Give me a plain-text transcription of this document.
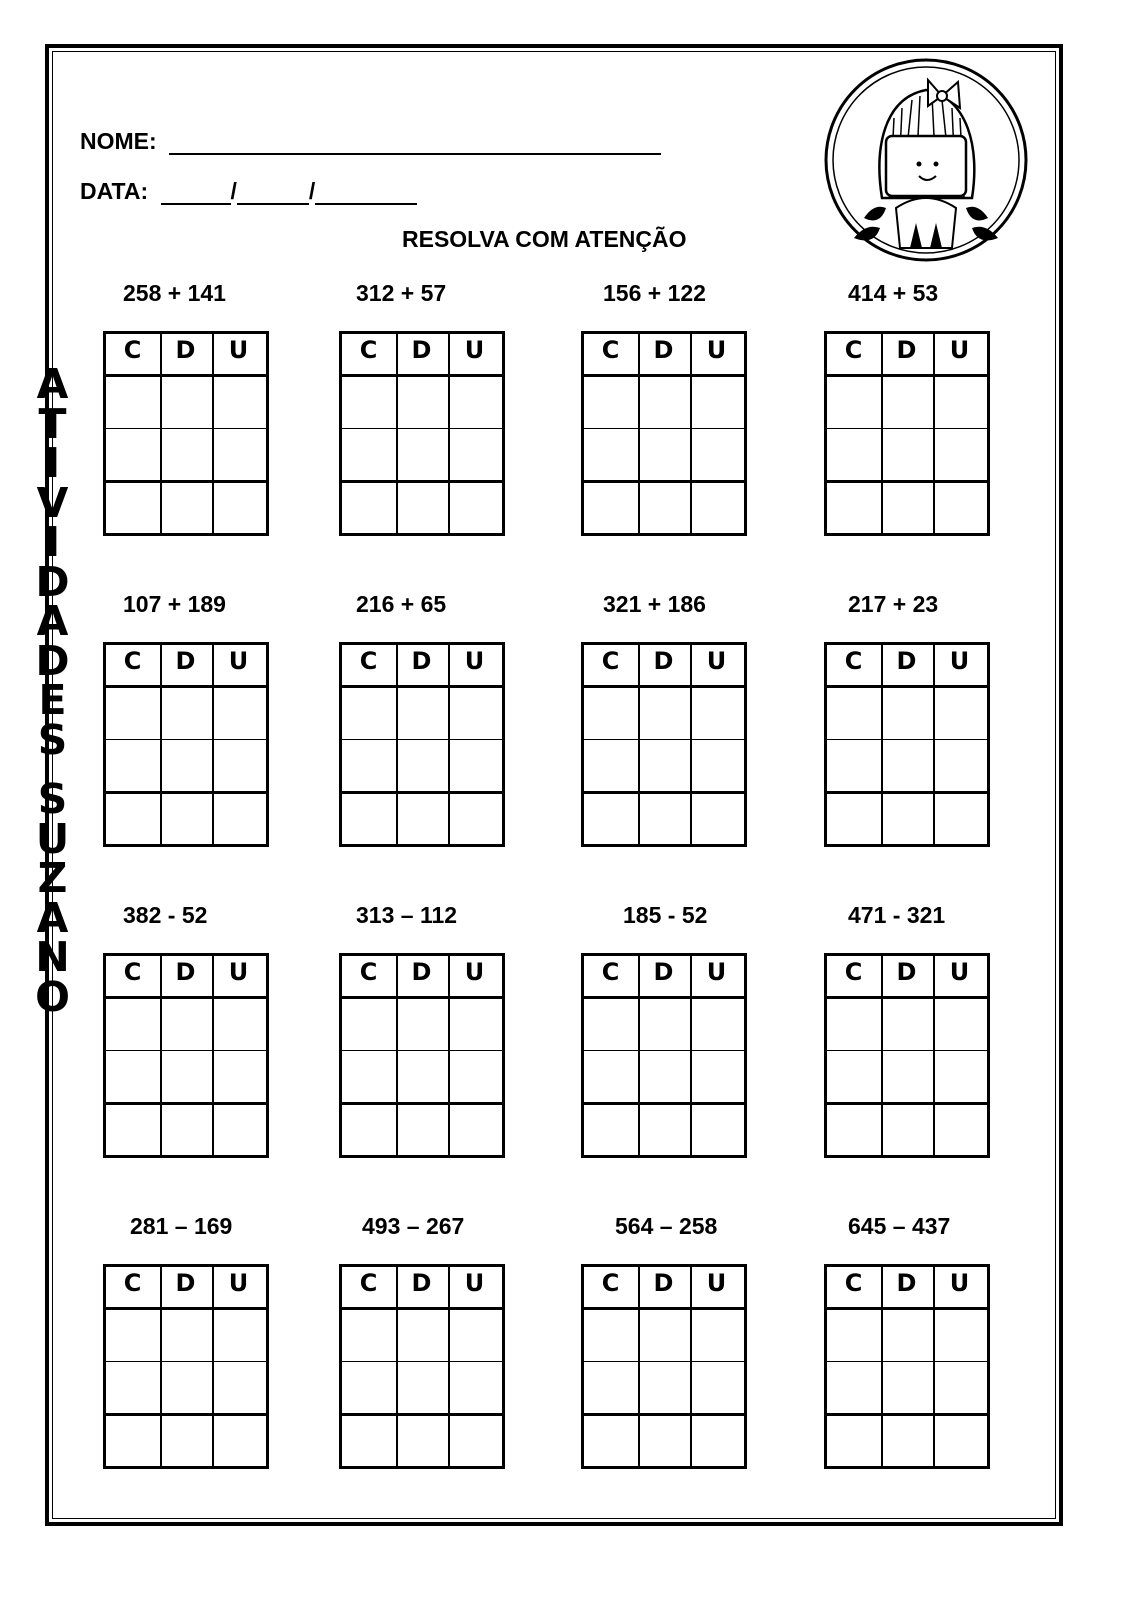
A
T
I
V
I
D
A
D
E
S
S
U
Z
A
N
O
NOME:
DATA:	/	/
RESOLVA COM ATENÇÃO
258 + 141
C	D	U
312 + 57
C	D	U
156 + 122
C	D	U
414 + 53
C	D	U
107 + 189
C	D	U
216 + 65
C	D	U
321 + 186
C	D	U
217 + 23
C	D	U
382 - 52
C	D	U
313 – 112
C	D	U
185 - 52
C	D	U
471 - 321
C	D	U
281 – 169
C	D	U
493 – 267
C	D	U
564 – 258
C	D	U
645 – 437
C	D	U
